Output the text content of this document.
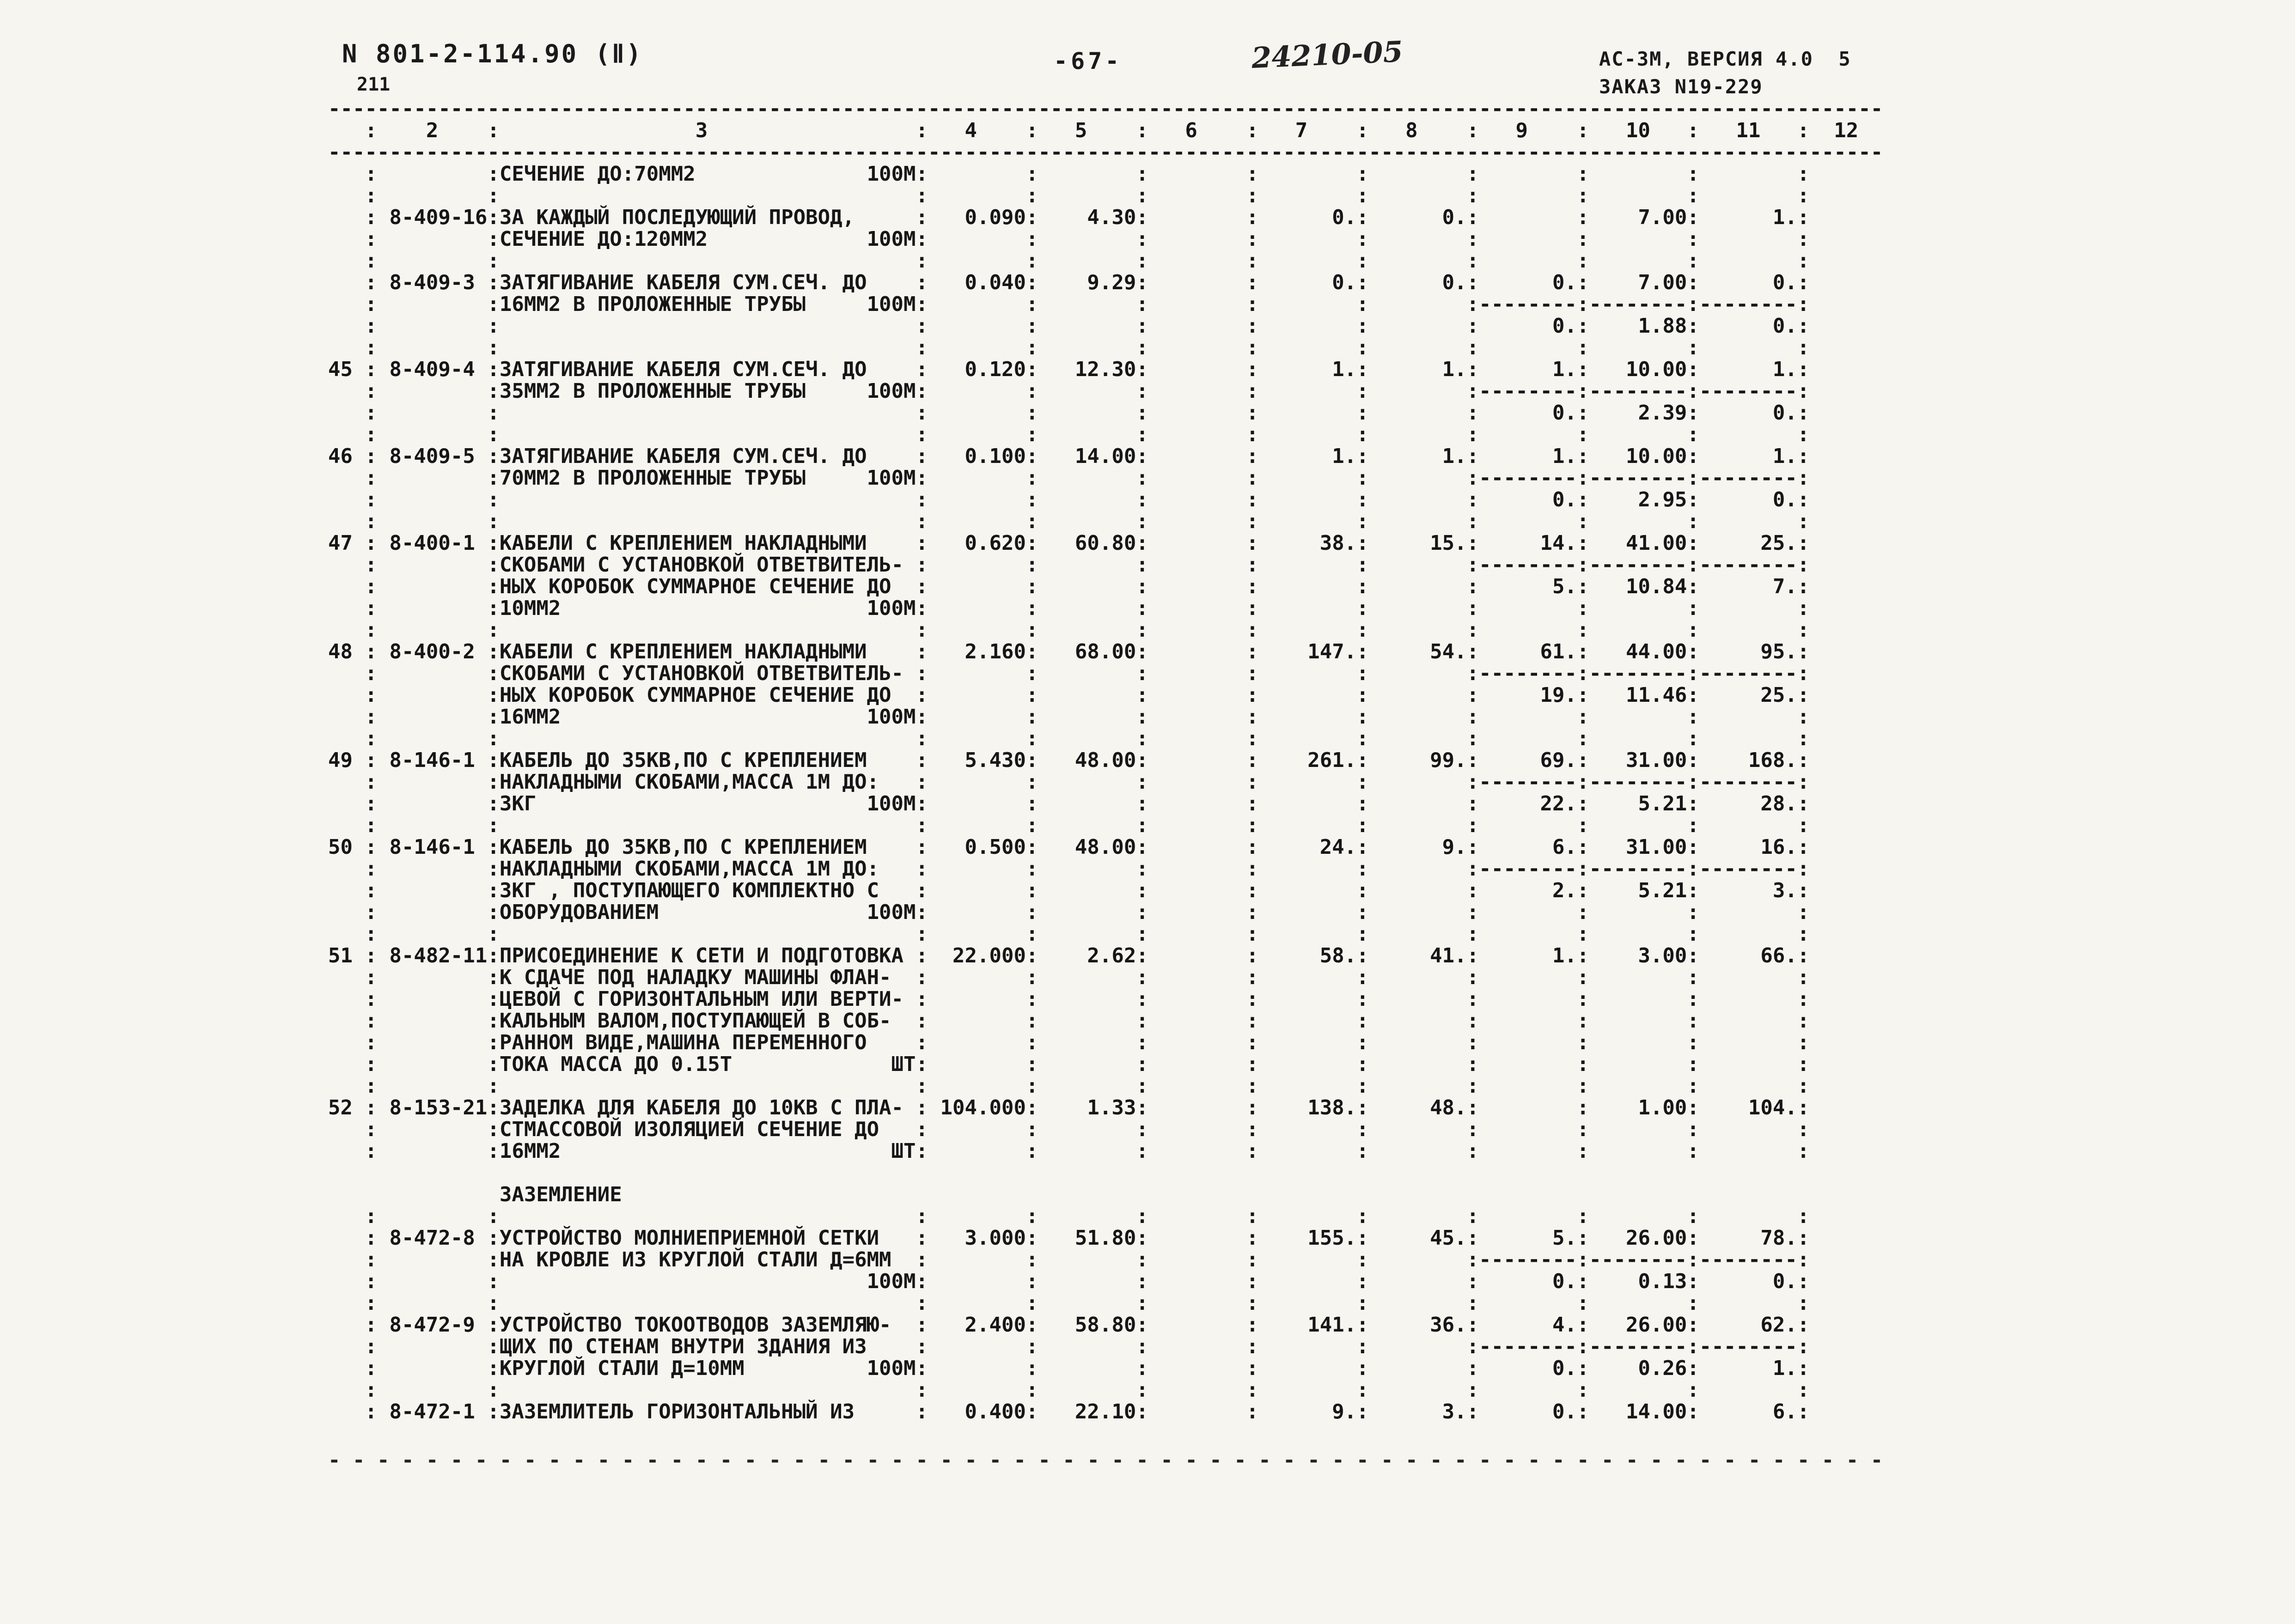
N 801-2-114.90 (Ⅱ)
211
-67-	24210-05	АС-3М, ВЕРСИЯ 4.0  5
ЗАКАЗ N19-229
-------------------------------------------------------------------------------------------------------------------------------
:    2    :                3                 :   4    :   5    :   6    :   7    :   8    :   9    :   10   :   11   :  12
-------------------------------------------------------------------------------------------------------------------------------
:         :СЕЧЕНИЕ ДО:70ММ2              100М:        :        :        :        :        :        :        :        :
:         :                                  :        :        :        :        :        :        :        :        :
: 8-409-16:ЗА КАЖДЫЙ ПОСЛЕДУЮЩИЙ ПРОВОД,     :   0.090:    4.30:        :      0.:      0.:        :    7.00:      1.:
:         :СЕЧЕНИЕ ДО:120ММ2             100М:        :        :        :        :        :        :        :        :
:         :                                  :        :        :        :        :        :        :        :        :
: 8-409-3 :ЗАТЯГИВАНИЕ КАБЕЛЯ СУМ.СЕЧ. ДО    :   0.040:    9.29:        :      0.:      0.:      0.:    7.00:      0.:
:         :16ММ2 В ПРОЛОЖЕННЫЕ ТРУБЫ     100М:        :        :        :        :        :--------:--------:--------:
:         :                                  :        :        :        :        :        :      0.:    1.88:      0.:
:         :                                  :        :        :        :        :        :        :        :        :
45 : 8-409-4 :ЗАТЯГИВАНИЕ КАБЕЛЯ СУМ.СЕЧ. ДО    :   0.120:   12.30:        :      1.:      1.:      1.:   10.00:      1.:
:         :35ММ2 В ПРОЛОЖЕННЫЕ ТРУБЫ     100М:        :        :        :        :        :--------:--------:--------:
:         :                                  :        :        :        :        :        :      0.:    2.39:      0.:
:         :                                  :        :        :        :        :        :        :        :        :
46 : 8-409-5 :ЗАТЯГИВАНИЕ КАБЕЛЯ СУМ.СЕЧ. ДО    :   0.100:   14.00:        :      1.:      1.:      1.:   10.00:      1.:
:         :70ММ2 В ПРОЛОЖЕННЫЕ ТРУБЫ     100М:        :        :        :        :        :--------:--------:--------:
:         :                                  :        :        :        :        :        :      0.:    2.95:      0.:
:         :                                  :        :        :        :        :        :        :        :        :
47 : 8-400-1 :КАБЕЛИ С КРЕПЛЕНИЕМ НАКЛАДНЫМИ    :   0.620:   60.80:        :     38.:     15.:     14.:   41.00:     25.:
:         :СКОБАМИ С УСТАНОВКОЙ ОТВЕТВИТЕЛЬ- :        :        :        :        :        :--------:--------:--------:
:         :НЫХ КОРОБОК СУММАРНОЕ СЕЧЕНИЕ ДО  :        :        :        :        :        :      5.:   10.84:      7.:
:         :10ММ2                         100М:        :        :        :        :        :        :        :        :
:         :                                  :        :        :        :        :        :        :        :        :
48 : 8-400-2 :КАБЕЛИ С КРЕПЛЕНИЕМ НАКЛАДНЫМИ    :   2.160:   68.00:        :    147.:     54.:     61.:   44.00:     95.:
:         :СКОБАМИ С УСТАНОВКОЙ ОТВЕТВИТЕЛЬ- :        :        :        :        :        :--------:--------:--------:
:         :НЫХ КОРОБОК СУММАРНОЕ СЕЧЕНИЕ ДО  :        :        :        :        :        :     19.:   11.46:     25.:
:         :16ММ2                         100М:        :        :        :        :        :        :        :        :
:         :                                  :        :        :        :        :        :        :        :        :
49 : 8-146-1 :КАБЕЛЬ ДО 35КВ,ПО С КРЕПЛЕНИЕМ    :   5.430:   48.00:        :    261.:     99.:     69.:   31.00:    168.:
:         :НАКЛАДНЫМИ СКОБАМИ,МАССА 1М ДО:   :        :        :        :        :        :--------:--------:--------:
:         :3КГ                           100М:        :        :        :        :        :     22.:    5.21:     28.:
:         :                                  :        :        :        :        :        :        :        :        :
50 : 8-146-1 :КАБЕЛЬ ДО 35КВ,ПО С КРЕПЛЕНИЕМ    :   0.500:   48.00:        :     24.:      9.:      6.:   31.00:     16.:
:         :НАКЛАДНЫМИ СКОБАМИ,МАССА 1М ДО:   :        :        :        :        :        :--------:--------:--------:
:         :3КГ , ПОСТУПАЮЩЕГО КОМПЛЕКТНО С   :        :        :        :        :        :      2.:    5.21:      3.:
:         :ОБОРУДОВАНИЕМ                 100М:        :        :        :        :        :        :        :        :
:         :                                  :        :        :        :        :        :        :        :        :
51 : 8-482-11:ПРИСОЕДИНЕНИЕ К СЕТИ И ПОДГОТОВКА :  22.000:    2.62:        :     58.:     41.:      1.:    3.00:     66.:
:         :К СДАЧЕ ПОД НАЛАДКУ МАШИНЫ ФЛАН-  :        :        :        :        :        :        :        :        :
:         :ЦЕВОЙ С ГОРИЗОНТАЛЬНЫМ ИЛИ ВЕРТИ- :        :        :        :        :        :        :        :        :
:         :КАЛЬНЫМ ВАЛОМ,ПОСТУПАЮЩЕЙ В СОБ-  :        :        :        :        :        :        :        :        :
:         :РАННОМ ВИДЕ,МАШИНА ПЕРЕМЕННОГО    :        :        :        :        :        :        :        :        :
:         :ТОКА МАССА ДО 0.15Т             ШТ:        :        :        :        :        :        :        :        :
:         :                                  :        :        :        :        :        :        :        :        :
52 : 8-153-21:ЗАДЕЛКА ДЛЯ КАБЕЛЯ ДО 10КВ С ПЛА- : 104.000:    1.33:        :    138.:     48.:        :    1.00:    104.:
:         :СТМАССОВОЙ ИЗОЛЯЦИЕЙ СЕЧЕНИЕ ДО   :        :        :        :        :        :        :        :        :
:         :16ММ2                           ШТ:        :        :        :        :        :        :        :        :
ЗАЗЕМЛЕНИЕ
:         :                                  :        :        :        :        :        :        :        :        :
: 8-472-8 :УСТРОЙСТВО МОЛНИЕПРИЕМНОЙ СЕТКИ   :   3.000:   51.80:        :    155.:     45.:      5.:   26.00:     78.:
:         :НА КРОВЛЕ ИЗ КРУГЛОЙ СТАЛИ Д=6ММ  :        :        :        :        :        :--------:--------:--------:
:         :                              100М:        :        :        :        :        :      0.:    0.13:      0.:
:         :                                  :        :        :        :        :        :        :        :        :
: 8-472-9 :УСТРОЙСТВО ТОКООТВОДОВ ЗАЗЕМЛЯЮ-  :   2.400:   58.80:        :    141.:     36.:      4.:   26.00:     62.:
:         :ЩИХ ПО СТЕНАМ ВНУТРИ ЗДАНИЯ ИЗ    :        :        :        :        :        :--------:--------:--------:
:         :КРУГЛОЙ СТАЛИ Д=10ММ          100М:        :        :        :        :        :      0.:    0.26:      1.:
:         :                                  :        :        :        :        :        :        :        :        :
: 8-472-1 :ЗАЗЕМЛИТЕЛЬ ГОРИЗОНТАЛЬНЫЙ ИЗ     :   0.400:   22.10:        :      9.:      3.:      0.:   14.00:      6.:
- - - - - - - - - - - - - - - - - - - - - - - - - - - - - - - - - - - - - - - - - - - - - - - - - - - - - - - - - - - - - - - -
